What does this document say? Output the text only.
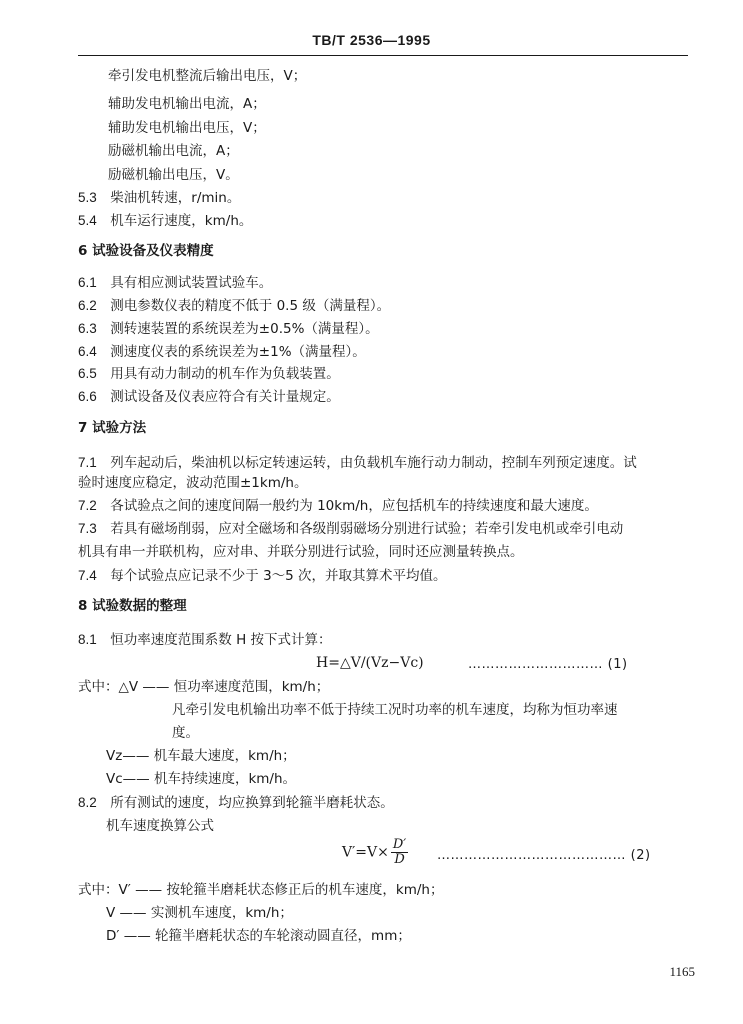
TB/T 2536—1995
牵引发电机整流后输出电压，V；
辅助发电机输出电流，A；
辅助发电机输出电压，V；
励磁机输出电流，A；
励磁机输出电压，V。
5.3 柴油机转速，r/min。
5.4 机车运行速度，km/h。
6 试验设备及仪表精度
6.1 具有相应测试装置试验车。
6.2 测电参数仪表的精度不低于 0.5 级（满量程）。
6.3 测转速装置的系统误差为±0.5%（满量程）。
6.4 测速度仪表的系统误差为±1%（满量程）。
6.5 用具有动力制动的机车作为负载装置。
6.6 测试设备及仪表应符合有关计量规定。
7 试验方法
7.1 列车起动后，柴油机以标定转速运转，由负载机车施行动力制动，控制车列预定速度。试
验时速度应稳定，波动范围±1km/h。
7.2 各试验点之间的速度间隔一般约为 10km/h，应包括机车的持续速度和最大速度。
7.3 若具有磁场削弱，应对全磁场和各级削弱磁场分别进行试验；若牵引发电机或牵引电动
机具有串一并联机构，应对串、并联分别进行试验，同时还应测量转换点。
7.4 每个试验点应记录不少于 3～5 次，并取其算术平均值。
8 试验数据的整理
8.1 恒功率速度范围系数 H 按下式计算：
H=△V/(Vz−Vc)	………………………… (1)
式中：△V —— 恒功率速度范围，km/h；
凡牵引发电机输出功率不低于持续工况时功率的机车速度，均称为恒功率速
度。
Vz—— 机车最大速度，km/h；
Vc—— 机车持续速度，km/h。
8.2 所有测试的速度，均应换算到轮箍半磨耗状态。
机车速度换算公式
$V'=V\times \frac{D'}{D}$ …………………………………… (2)
式中：V′ —— 按轮箍半磨耗状态修正后的机车速度，km/h；
V —— 实测机车速度，km/h；
D′ —— 轮箍半磨耗状态的车轮滚动圆直径，mm；
1165
